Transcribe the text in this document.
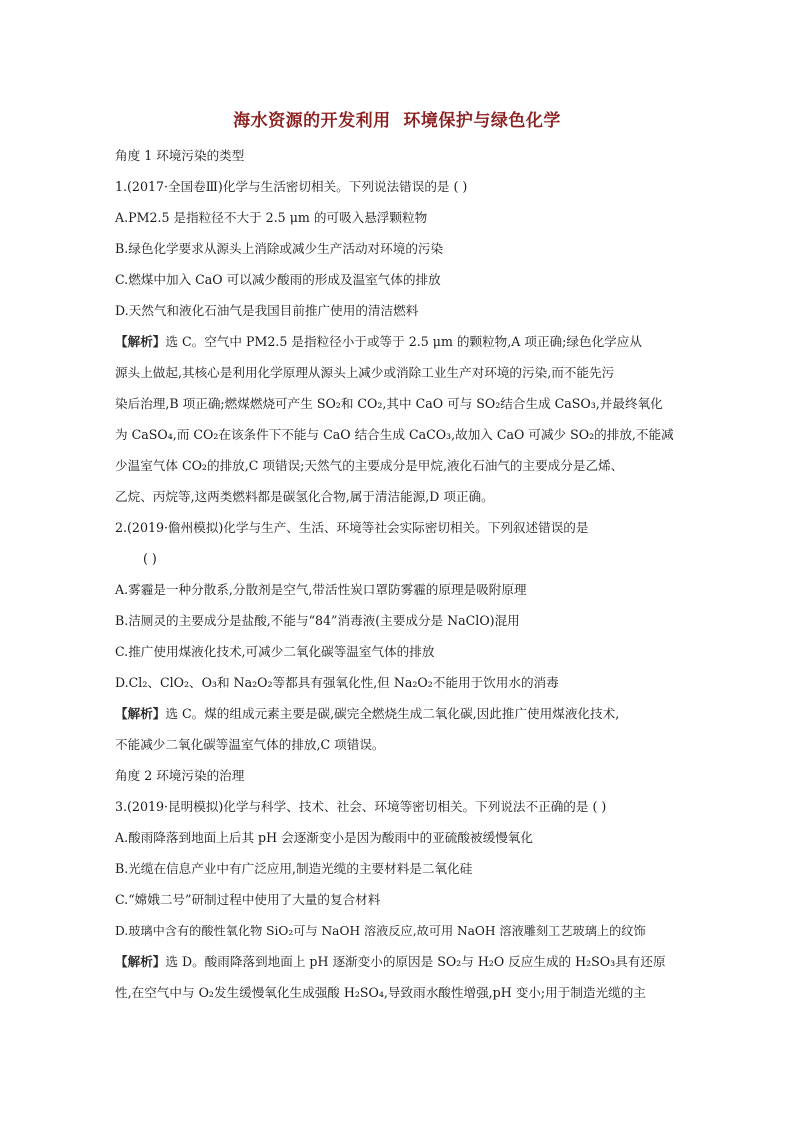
海水资源的开发利用  环境保护与绿色化学
角度 1 环境污染的类型
1.(2017·全国卷Ⅲ)化学与生活密切相关。下列说法错误的是 ( )
A.PM2.5 是指粒径不大于 2.5 μm 的可吸入悬浮颗粒物
B.绿色化学要求从源头上消除或减少生产活动对环境的污染
C.燃煤中加入 CaO 可以减少酸雨的形成及温室气体的排放
D.天然气和液化石油气是我国目前推广使用的清洁燃料
【解析】选 C。空气中 PM2.5 是指粒径小于或等于 2.5 μm 的颗粒物,A 项正确;绿色化学应从
源头上做起,其核心是利用化学原理从源头上减少或消除工业生产对环境的污染,而不能先污
染后治理,B 项正确;燃煤燃烧可产生 SO₂和 CO₂,其中 CaO 可与 SO₂结合生成 CaSO₃,并最终氧化
为 CaSO₄,而 CO₂在该条件下不能与 CaO 结合生成 CaCO₃,故加入 CaO 可减少 SO₂的排放,不能减
少温室气体 CO₂的排放,C 项错误;天然气的主要成分是甲烷,液化石油气的主要成分是乙烯、
乙烷、丙烷等,这两类燃料都是碳氢化合物,属于清洁能源,D 项正确。
2.(2019·儋州模拟)化学与生产、生活、环境等社会实际密切相关。下列叙述错误的是
( )
A.雾霾是一种分散系,分散剂是空气,带活性炭口罩防雾霾的原理是吸附原理
B.洁厕灵的主要成分是盐酸,不能与“84”消毒液(主要成分是 NaClO)混用
C.推广使用煤液化技术,可减少二氧化碳等温室气体的排放
D.Cl₂、ClO₂、O₃和 Na₂O₂等都具有强氧化性,但 Na₂O₂不能用于饮用水的消毒
【解析】选 C。煤的组成元素主要是碳,碳完全燃烧生成二氧化碳,因此推广使用煤液化技术,
不能减少二氧化碳等温室气体的排放,C 项错误。
角度 2 环境污染的治理
3.(2019·昆明模拟)化学与科学、技术、社会、环境等密切相关。下列说法不正确的是 ( )
A.酸雨降落到地面上后其 pH 会逐渐变小是因为酸雨中的亚硫酸被缓慢氧化
B.光缆在信息产业中有广泛应用,制造光缆的主要材料是二氧化硅
C.“嫦娥二号”研制过程中使用了大量的复合材料
D.玻璃中含有的酸性氧化物 SiO₂可与 NaOH 溶液反应,故可用 NaOH 溶液雕刻工艺玻璃上的纹饰
【解析】选 D。酸雨降落到地面上 pH 逐渐变小的原因是 SO₂与 H₂O 反应生成的 H₂SO₃具有还原
性,在空气中与 O₂发生缓慢氧化生成强酸 H₂SO₄,导致雨水酸性增强,pH 变小;用于制造光缆的主
